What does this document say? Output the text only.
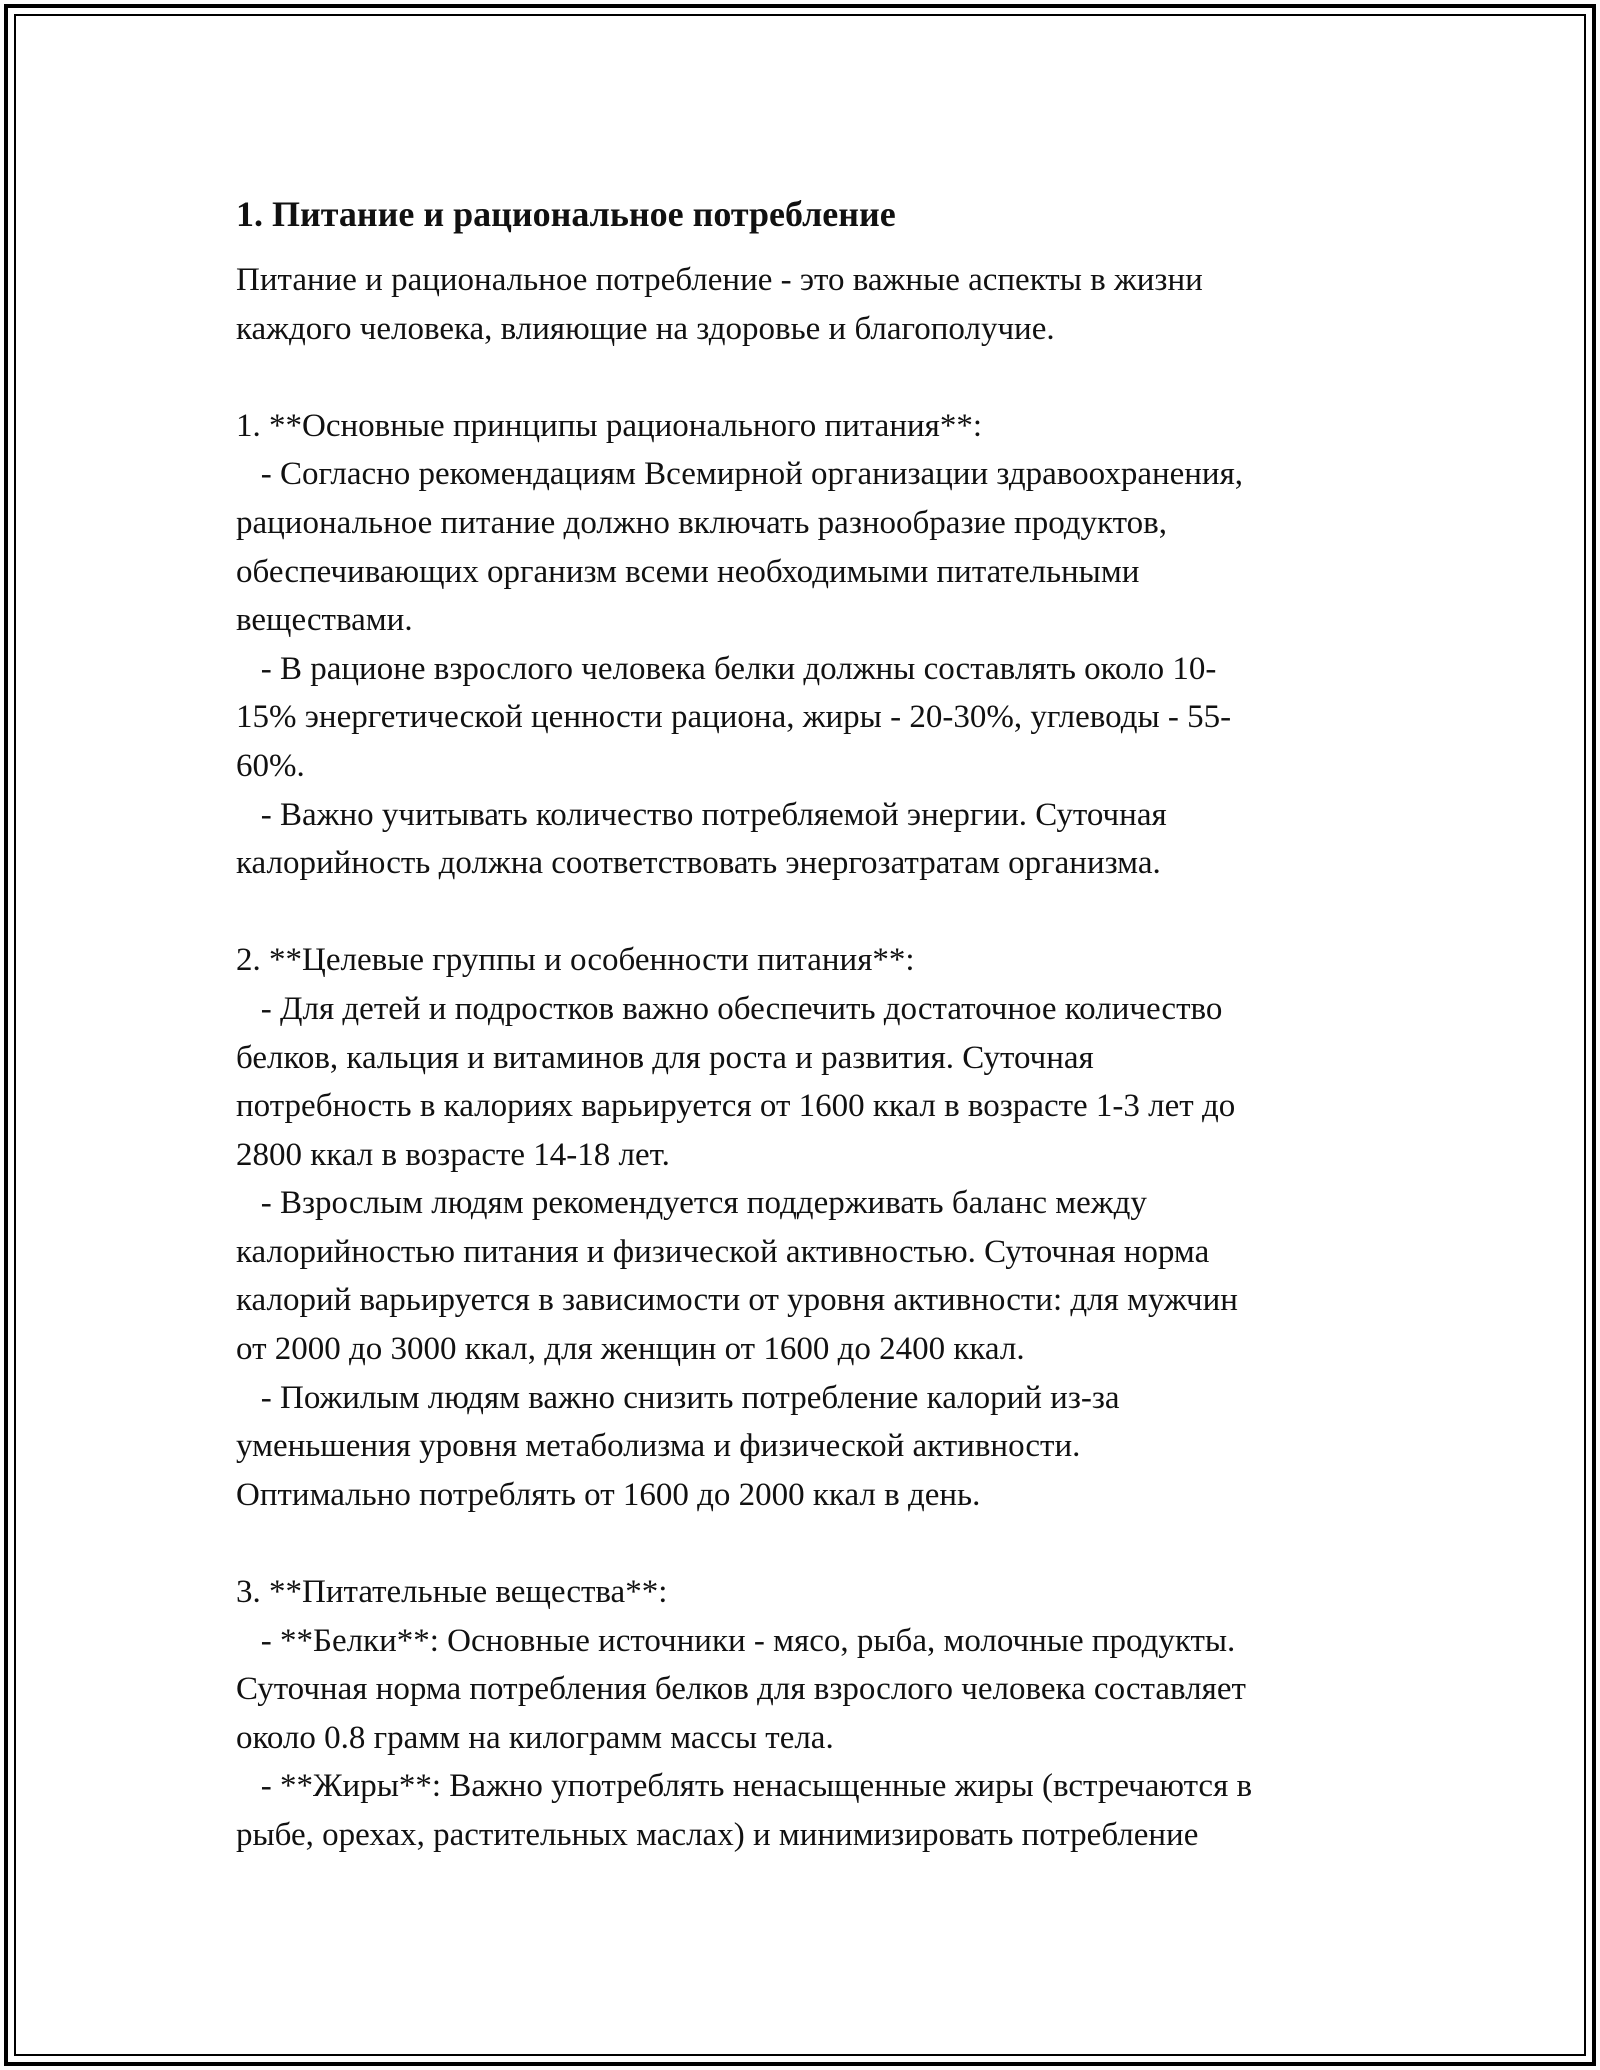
1. Питание и рациональное потребление
Питание и рациональное потребление - это важные аспекты в жизни
каждого человека, влияющие на здоровье и благополучие.

1. **Основные принципы рационального питания**:
- Согласно рекомендациям Всемирной организации здравоохранения,
рациональное питание должно включать разнообразие продуктов,
обеспечивающих организм всеми необходимыми питательными
веществами.
- В рационе взрослого человека белки должны составлять около 10-
15% энергетической ценности рациона, жиры - 20-30%, углеводы - 55-
60%.
- Важно учитывать количество потребляемой энергии. Суточная
калорийность должна соответствовать энергозатратам организма.

2. **Целевые группы и особенности питания**:
- Для детей и подростков важно обеспечить достаточное количество
белков, кальция и витаминов для роста и развития. Суточная
потребность в калориях варьируется от 1600 ккал в возрасте 1-3 лет до
2800 ккал в возрасте 14-18 лет.
- Взрослым людям рекомендуется поддерживать баланс между
калорийностью питания и физической активностью. Суточная норма
калорий варьируется в зависимости от уровня активности: для мужчин
от 2000 до 3000 ккал, для женщин от 1600 до 2400 ккал.
- Пожилым людям важно снизить потребление калорий из-за
уменьшения уровня метаболизма и физической активности.
Оптимально потреблять от 1600 до 2000 ккал в день.

3. **Питательные вещества**:
- **Белки**: Основные источники - мясо, рыба, молочные продукты.
Суточная норма потребления белков для взрослого человека составляет
около 0.8 грамм на килограмм массы тела.
- **Жиры**: Важно употреблять ненасыщенные жиры (встречаются в
рыбе, орехах, растительных маслах) и минимизировать потребление
